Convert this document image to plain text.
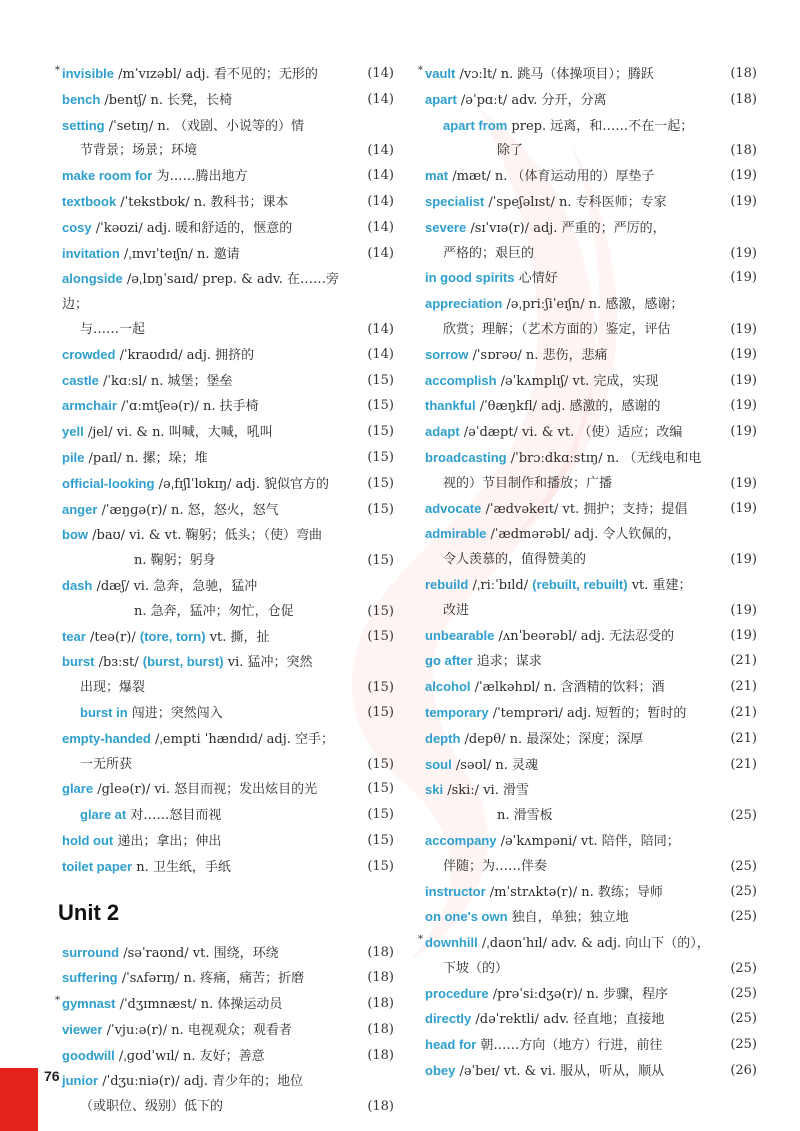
* invisible /mˈvɪzəbl/ adj. 看不见的；无形的	(14)
bench /bentʃ/ n. 长凳，长椅	(14)
setting /ˈsetɪŋ/ n. （戏剧、小说等的）情
节背景；场景；环境	(14)
make room for 为……腾出地方	(14)
textbook /ˈtekstbʊk/ n. 教科书；课本	(14)
cosy /ˈkəʊzi/ adj. 暖和舒适的，惬意的	(14)
invitation /ˌɪnvɪˈteɪʃn/ n. 邀请	(14)
alongside /əˌlɒŋˈsaɪd/ prep. & adv. 在……旁边；
与……一起	(14)
crowded /ˈkraʊdɪd/ adj. 拥挤的	(14)
castle /ˈkɑːsl/ n. 城堡；堡垒	(15)
armchair /ˈɑːmtʃeə(r)/ n. 扶手椅	(15)
yell /jel/ vi. & n. 叫喊，大喊，吼叫	(15)
pile /paɪl/ n. 摞；垛；堆	(15)
official-looking /əˌfɪʃlˈlʊkɪŋ/ adj. 貌似官方的	(15)
anger /ˈæŋɡə(r)/ n. 怒，怒火，怒气	(15)
bow /baʊ/ vi. & vt. 鞠躬；低头；（使）弯曲
n. 鞠躬；躬身	(15)
dash /dæʃ/ vi. 急奔，急驰，猛冲
n. 急奔，猛冲；匆忙，仓促	(15)
tear /teə(r)/ (tore, torn) vt. 撕，扯	(15)
burst /bɜːst/ (burst, burst) vi. 猛冲；突然
出现；爆裂	(15)
burst in 闯进；突然闯入	(15)
empty-handed /ˌempti ˈhændɪd/ adj. 空手；
一无所获	(15)
glare /gleə(r)/ vi. 怒目而视；发出炫目的光	(15)
glare at 对……怒目而视	(15)
hold out 递出；拿出；伸出	(15)
toilet paper n. 卫生纸，手纸	(15)
Unit 2
surround /səˈraʊnd/ vt. 围绕，环绕	(18)
suffering /ˈsʌfərɪŋ/ n. 疼痛，痛苦；折磨	(18)
* gymnast /ˈdʒɪmnæst/ n. 体操运动员	(18)
viewer /ˈvjuːə(r)/ n. 电视观众；观看者	(18)
goodwill /ˌɡʊdˈwɪl/ n. 友好；善意	(18)
junior /ˈdʒuːniə(r)/ adj. 青少年的；地位
（或职位、级别）低下的	(18)
* vault /vɔːlt/ n. 跳马（体操项目）；腾跃	(18)
apart /əˈpɑːt/ adv. 分开，分离	(18)
apart from prep. 远离，和……不在一起；
除了	(18)
mat /mæt/ n. （体育运动用的）厚垫子	(19)
specialist /ˈspeʃəlɪst/ n. 专科医师；专家	(19)
severe /sɪˈvɪə(r)/ adj. 严重的；严厉的，
严格的；艰巨的	(19)
in good spirits 心情好	(19)
appreciation /əˌpriːʃiˈeɪʃn/ n. 感激，感谢；
欣赏；理解；（艺术方面的）鉴定，评估	(19)
sorrow /ˈsɒrəʊ/ n. 悲伤，悲痛	(19)
accomplish /əˈkʌmplɪʃ/ vt. 完成，实现	(19)
thankful /ˈθæŋkfl/ adj. 感激的，感谢的	(19)
adapt /əˈdæpt/ vi. & vt. （使）适应；改编	(19)
broadcasting /ˈbrɔːdkɑːstɪŋ/ n. （无线电和电
视的）节目制作和播放；广播	(19)
advocate /ˈædvəkeɪt/ vt. 拥护；支持；提倡	(19)
admirable /ˈædmərəbl/ adj. 令人钦佩的，
令人羡慕的，值得赞美的	(19)
rebuild /ˌriːˈbɪld/ (rebuilt, rebuilt) vt. 重建；
改进	(19)
unbearable /ʌnˈbeərəbl/ adj. 无法忍受的	(19)
go after 追求；谋求	(21)
alcohol /ˈælkəhɒl/ n. 含酒精的饮料；酒	(21)
temporary /ˈtemprəri/ adj. 短暂的；暂时的	(21)
depth /depθ/ n. 最深处；深度；深厚	(21)
soul /səʊl/ n. 灵魂	(21)
ski /skiː/ vi. 滑雪
n. 滑雪板	(25)
accompany /əˈkʌmpəni/ vt. 陪伴，陪同；
伴随；为……伴奏	(25)
instructor /mˈstrʌktə(r)/ n. 教练；导师	(25)
on one's own 独自，单独；独立地	(25)
* downhill /ˌdaʊnˈhɪl/ adv. & adj. 向山下（的），
下坡（的）	(25)
procedure /prəˈsiːdʒə(r)/ n. 步骤，程序	(25)
directly /dəˈrektli/ adv. 径直地；直接地	(25)
head for 朝……方向（地方）行进，前往	(25)
obey /əˈbeɪ/ vt. & vi. 服从，听从，顺从	(26)
76
